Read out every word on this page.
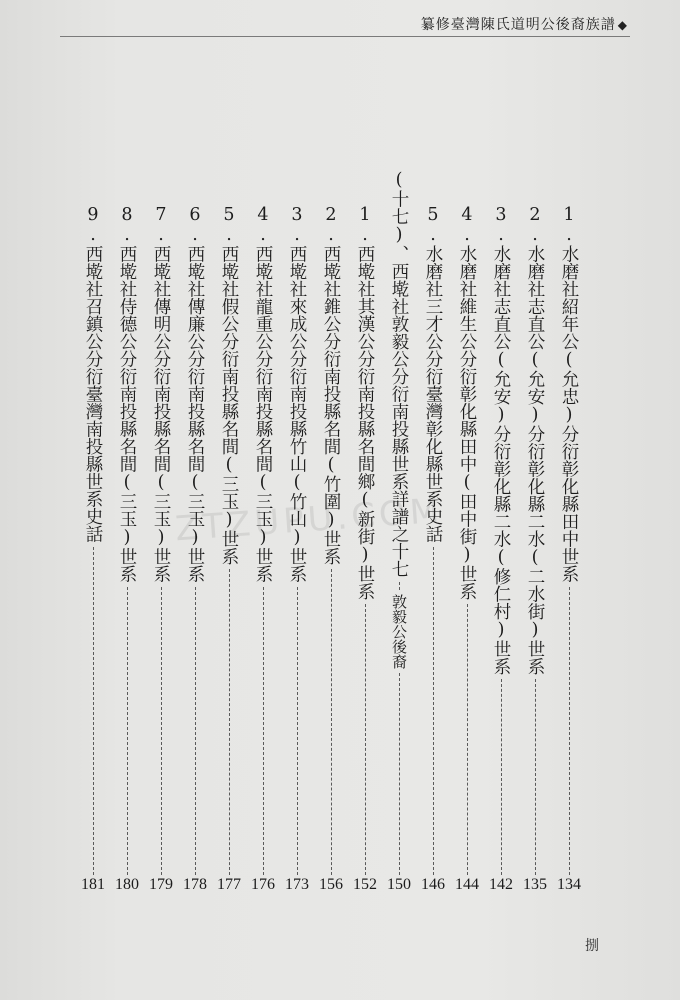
纂修臺灣陳氏道明公後裔族譜 ◆
ZTZUPU.COM	1.水磨社紹年公(允忠)分衍彰化縣田中世系
2.水磨社志直公(允安)分衍彰化縣二水(二水街)世系
3.水磨社志直公(允安)分衍彰化縣二水(修仁村)世系
4.水磨社維生公分衍彰化縣田中(田中街)世系
5.水磨社三才公分衍臺灣彰化縣世系史話
(十七)、西墘社敦毅公分衍南投縣世系詳譜之十七
敦毅公後裔
1.西墘社其漢公分衍南投縣名間鄉(新街)世系
2.西墘社錐公分衍南投縣名間(竹圍)世系
3.西墘社來成公分衍南投縣竹山(竹山)世系
4.西墘社龍重公分衍南投縣名間(三玉)世系
5.西墘社假公分衍南投縣名間(三玉)世系
6.西墘社傳廉公分衍南投縣名間(三玉)世系
7.西墘社傳明公分衍南投縣名間(三玉)世系
8.西墘社侍德公分衍南投縣名間(三玉)世系
9.西墘社召鎮公分衍臺灣南投縣世系史話
134
135
142
144
146
150
152
156
173
176
177
178
179
180
181
捌
